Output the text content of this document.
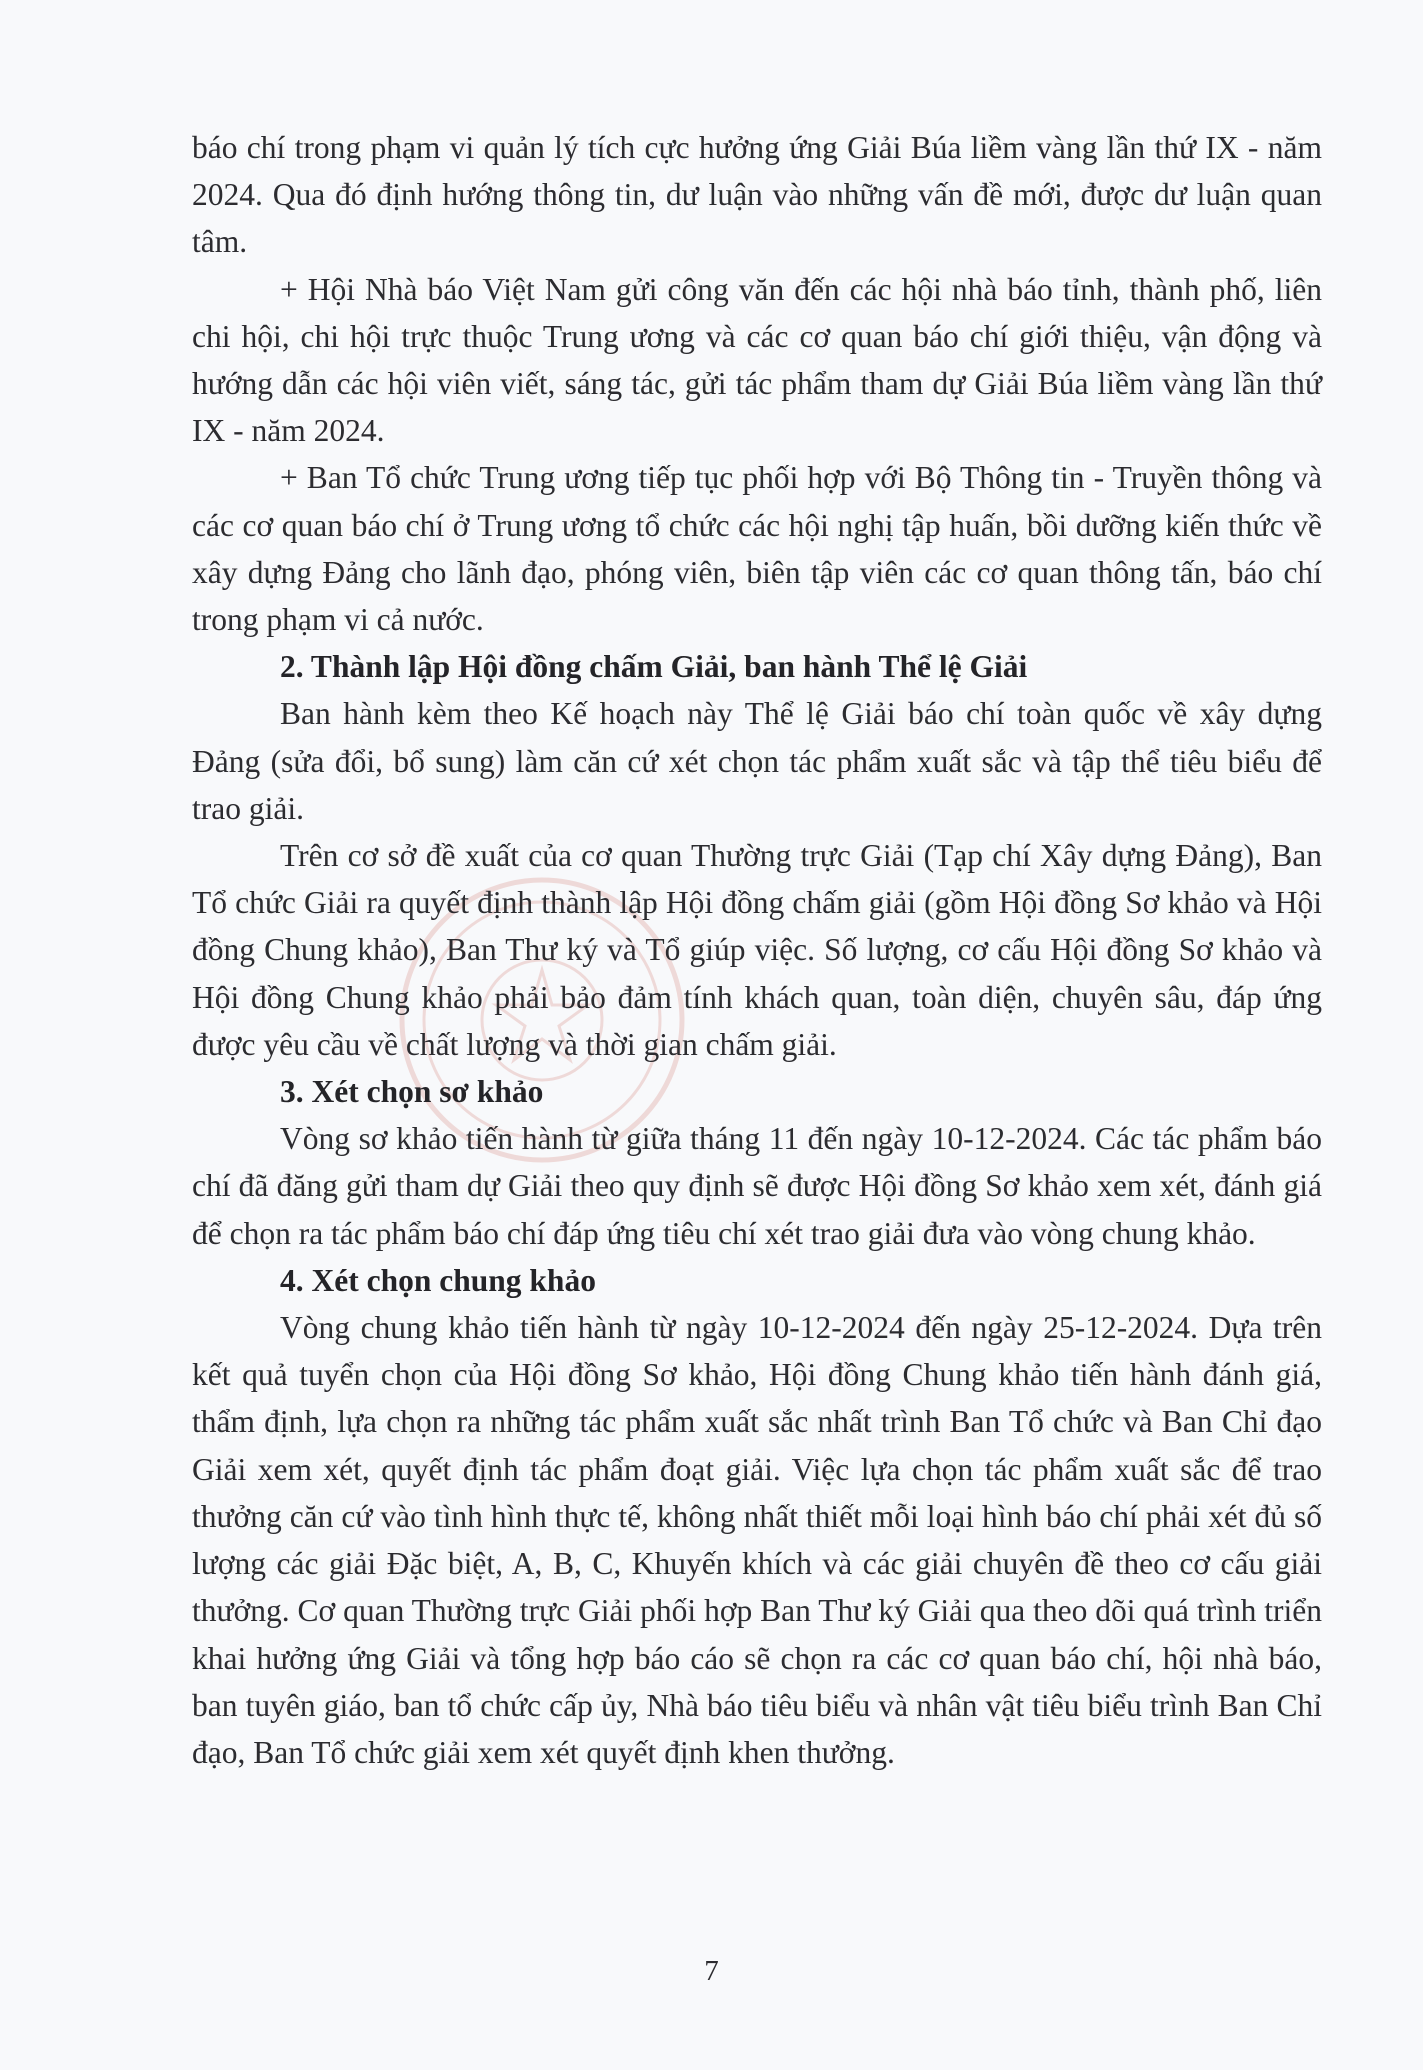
báo chí trong phạm vi quản lý tích cực hưởng ứng Giải Búa liềm vàng lần thứ IX - năm 2024. Qua đó định hướng thông tin, dư luận vào những vấn đề mới, được dư luận quan tâm.

+ Hội Nhà báo Việt Nam gửi công văn đến các hội nhà báo tỉnh, thành phố, liên chi hội, chi hội trực thuộc Trung ương và các cơ quan báo chí giới thiệu, vận động và hướng dẫn các hội viên viết, sáng tác, gửi tác phẩm tham dự Giải Búa liềm vàng lần thứ IX - năm 2024.

+ Ban Tổ chức Trung ương tiếp tục phối hợp với Bộ Thông tin - Truyền thông và các cơ quan báo chí ở Trung ương tổ chức các hội nghị tập huấn, bồi dưỡng kiến thức về xây dựng Đảng cho lãnh đạo, phóng viên, biên tập viên các cơ quan thông tấn, báo chí trong phạm vi cả nước.

2. Thành lập Hội đồng chấm Giải, ban hành Thể lệ Giải

Ban hành kèm theo Kế hoạch này Thể lệ Giải báo chí toàn quốc về xây dựng Đảng (sửa đổi, bổ sung) làm căn cứ xét chọn tác phẩm xuất sắc và tập thể tiêu biểu để trao giải.

Trên cơ sở đề xuất của cơ quan Thường trực Giải (Tạp chí Xây dựng Đảng), Ban Tổ chức Giải ra quyết định thành lập Hội đồng chấm giải (gồm Hội đồng Sơ khảo và Hội đồng Chung khảo), Ban Thư ký và Tổ giúp việc. Số lượng, cơ cấu Hội đồng Sơ khảo và Hội đồng Chung khảo phải bảo đảm tính khách quan, toàn diện, chuyên sâu, đáp ứng được yêu cầu về chất lượng và thời gian chấm giải.

3. Xét chọn sơ khảo

Vòng sơ khảo tiến hành từ giữa tháng 11 đến ngày 10-12-2024. Các tác phẩm báo chí đã đăng gửi tham dự Giải theo quy định sẽ được Hội đồng Sơ khảo xem xét, đánh giá để chọn ra tác phẩm báo chí đáp ứng tiêu chí xét trao giải đưa vào vòng chung khảo.

4. Xét chọn chung khảo

Vòng chung khảo tiến hành từ ngày 10-12-2024 đến ngày 25-12-2024. Dựa trên kết quả tuyển chọn của Hội đồng Sơ khảo, Hội đồng Chung khảo tiến hành đánh giá, thẩm định, lựa chọn ra những tác phẩm xuất sắc nhất trình Ban Tổ chức và Ban Chỉ đạo Giải xem xét, quyết định tác phẩm đoạt giải. Việc lựa chọn tác phẩm xuất sắc để trao thưởng căn cứ vào tình hình thực tế, không nhất thiết mỗi loại hình báo chí phải xét đủ số lượng các giải Đặc biệt, A, B, C, Khuyến khích và các giải chuyên đề theo cơ cấu giải thưởng. Cơ quan Thường trực Giải phối hợp Ban Thư ký Giải qua theo dõi quá trình triển khai hưởng ứng Giải và tổng hợp báo cáo sẽ chọn ra các cơ quan báo chí, hội nhà báo, ban tuyên giáo, ban tổ chức cấp ủy, Nhà báo tiêu biểu và nhân vật tiêu biểu trình Ban Chỉ đạo, Ban Tổ chức giải xem xét quyết định khen thưởng.

7
